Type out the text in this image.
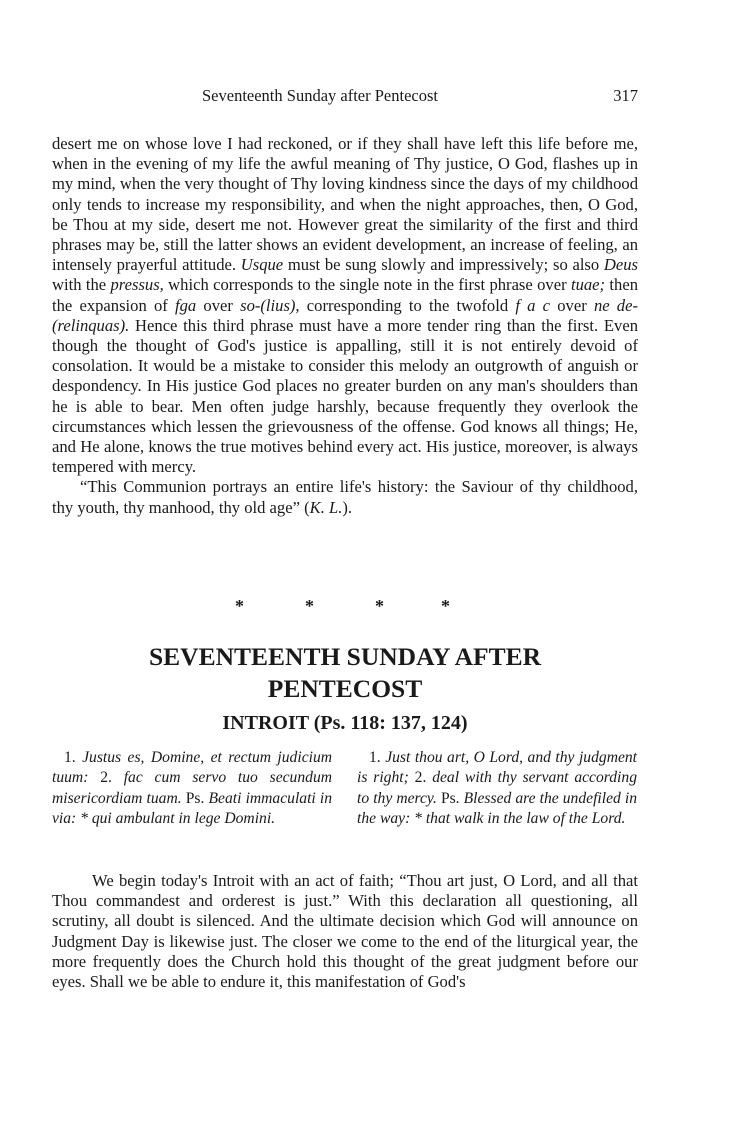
Seventeenth Sunday after Pentecost	317

desert me on whose love I had reckoned, or if they shall have left this life before me, when in the evening of my life the awful meaning of Thy justice, O God, flashes up in my mind, when the very thought of Thy loving kindness since the days of my childhood only tends to increase my responsibility, and when the night approaches, then, O God, be Thou at my side, desert me not. However great the similarity of the first and third phrases may be, still the latter shows an evident development, an increase of feeling, an intensely prayerful attitude. Usque must be sung slowly and impressively; so also Deus with the pressus, which corresponds to the single note in the first phrase over tuae; then the expansion of fga over so-(lius), corresponding to the twofold f a c over ne de-(relinquas). Hence this third phrase must have a more tender ring than the first. Even though the thought of God's justice is appalling, still it is not entirely devoid of consolation. It would be a mistake to consider this melody an outgrowth of anguish or despondency. In His justice God places no greater burden on any man's shoulders than he is able to bear. Men often judge harshly, because frequently they overlook the circumstances which lessen the grievousness of the offense. God knows all things; He, and He alone, knows the true motives behind every act. His justice, moreover, is always tempered with mercy.

“This Communion portrays an entire life's history: the Saviour of thy childhood, thy youth, thy manhood, thy old age” (K. L.).

*	*	*	*
SEVENTEENTH SUNDAY AFTER
PENTECOST
INTROIT (Ps. 118: 137, 124)

1. Justus es, Domine, et rectum judicium tuum: 2. fac cum servo tuo secundum misericordiam tuam. Ps. Beati immaculati in via: * qui ambulant in lege Domini.

1. Just thou art, O Lord, and thy judgment is right; 2. deal with thy servant according to thy mercy. Ps. Blessed are the undefiled in the way: * that walk in the law of the Lord.

We begin today's Introit with an act of faith; “Thou art just, O Lord, and all that Thou commandest and orderest is just.” With this declaration all questioning, all scrutiny, all doubt is silenced. And the ultimate decision which God will announce on Judgment Day is likewise just. The closer we come to the end of the liturgical year, the more frequently does the Church hold this thought of the great judgment before our eyes. Shall we be able to endure it, this manifestation of God's
